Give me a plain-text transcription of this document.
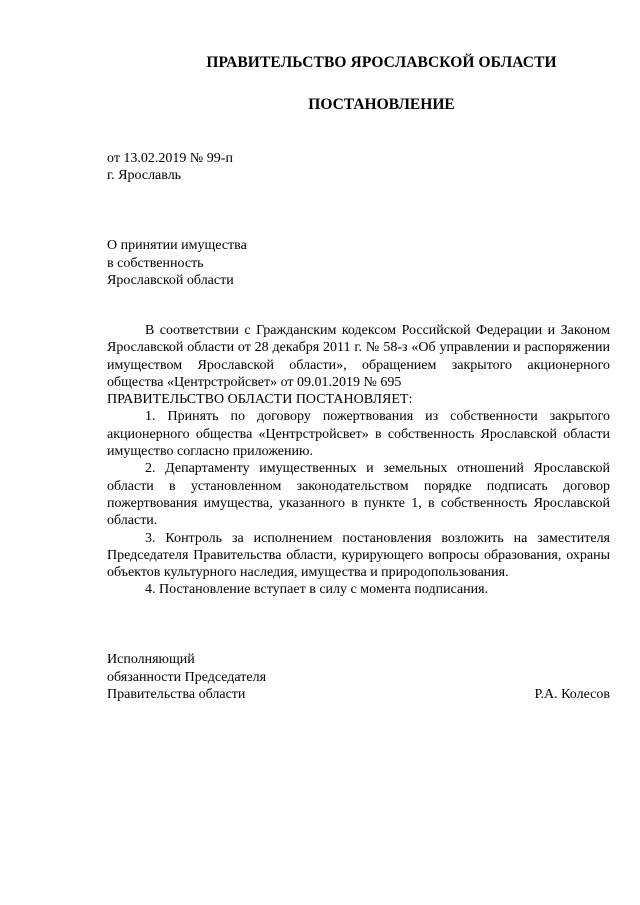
ПРАВИТЕЛЬСТВО ЯРОСЛАВСКОЙ ОБЛАСТИ
ПОСТАНОВЛЕНИЕ
от 13.02.2019 № 99-п
г. Ярославль
О принятии имущества
в собственность
Ярославской области

В соответствии с Гражданским кодексом Российской Федерации и Законом Ярославской области от 28 декабря 2011 г. № 58-з «Об управлении и распоряжении имуществом Ярославской области», обращением закрытого акционерного общества «Центрстройсвет» от 09.01.2019 № 695

ПРАВИТЕЛЬСТВО ОБЛАСТИ ПОСТАНОВЛЯЕТ:

1. Принять по договору пожертвования из собственности закрытого акционерного общества «Центрстройсвет» в собственность Ярославской области имущество согласно приложению.

2. Департаменту имущественных и земельных отношений Ярославской области в установленном законодательством порядке подписать договор пожертвования имущества, указанного в пункте 1, в собственность Ярославской области.

3. Контроль за исполнением постановления возложить на заместителя Председателя Правительства области, курирующего вопросы образования, охраны объектов культурного наследия, имущества и природопользования.

4. Постановление вступает в силу с момента подписания.

Исполняющий
обязанности Председателя
Правительства области	Р.А. Колесов
